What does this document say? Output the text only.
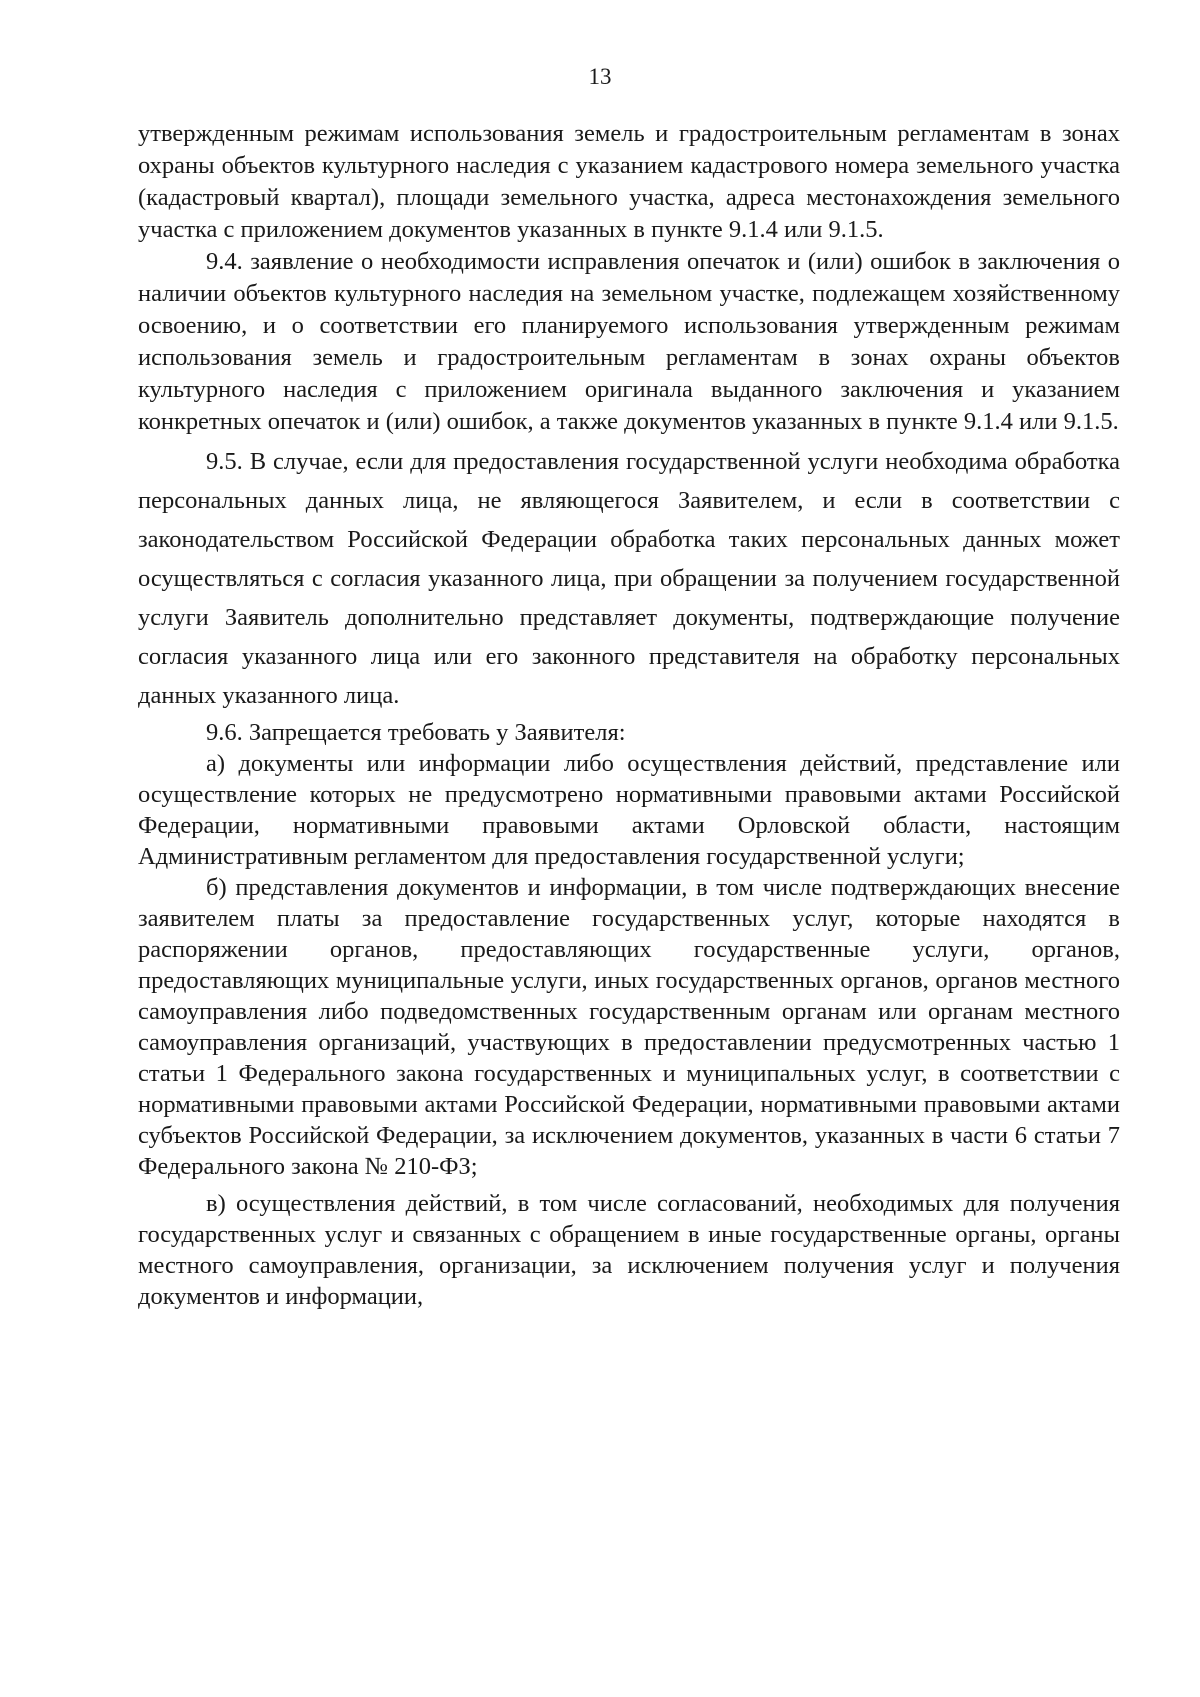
13

утвержденным режимам использования земель и градостроительным регламентам в зонах охраны объектов культурного наследия с указанием кадастрового номера земельного участка (кадастровый квартал), площади земельного участка, адреса местонахождения земельного участка с приложением документов указанных в пункте 9.1.4 или 9.1.5.

9.4. заявление о необходимости исправления опечаток и (или) ошибок в заключения о наличии объектов культурного наследия на земельном участке, подлежащем хозяйственному освоению, и о соответствии его планируемого использования утвержденным режимам использования земель и градостроительным регламентам в зонах охраны объектов культурного наследия с приложением оригинала выданного заключения и указанием конкретных опечаток и (или) ошибок, а также документов указанных в пункте 9.1.4 или 9.1.5.

9.5. В случае, если для предоставления государственной услуги необходима обработка персональных данных лица, не являющегося Заявителем, и если в соответствии с законодательством Российской Федерации обработка таких персональных данных может осуществляться с согласия указанного лица, при обращении за получением государственной услуги Заявитель дополнительно представляет документы, подтверждающие получение согласия указанного лица или его законного представителя на обработку персональных данных указанного лица.

9.6. Запрещается требовать у Заявителя:

а) документы или информации либо осуществления действий, представление или осуществление которых не предусмотрено нормативными правовыми актами Российской Федерации, нормативными правовыми актами Орловской области, настоящим Административным регламентом для предоставления государственной услуги;

б) представления документов и информации, в том числе подтверждающих внесение заявителем платы за предоставление государственных услуг, которые находятся в распоряжении органов, предоставляющих государственные услуги, органов, предоставляющих муниципальные услуги, иных государственных органов, органов местного самоуправления либо подведомственных государственным органам или органам местного самоуправления организаций, участвующих в предоставлении предусмотренных частью 1 статьи 1 Федерального закона государственных и муниципальных услуг, в соответствии с нормативными правовыми актами Российской Федерации, нормативными правовыми актами субъектов Российской Федерации, за исключением документов, указанных в части 6 статьи 7 Федерального закона № 210-ФЗ;

в) осуществления действий, в том числе согласований, необходимых для получения государственных услуг и связанных с обращением в иные государственные органы, органы местного самоуправления, организации, за исключением получения услуг и получения документов и информации,
